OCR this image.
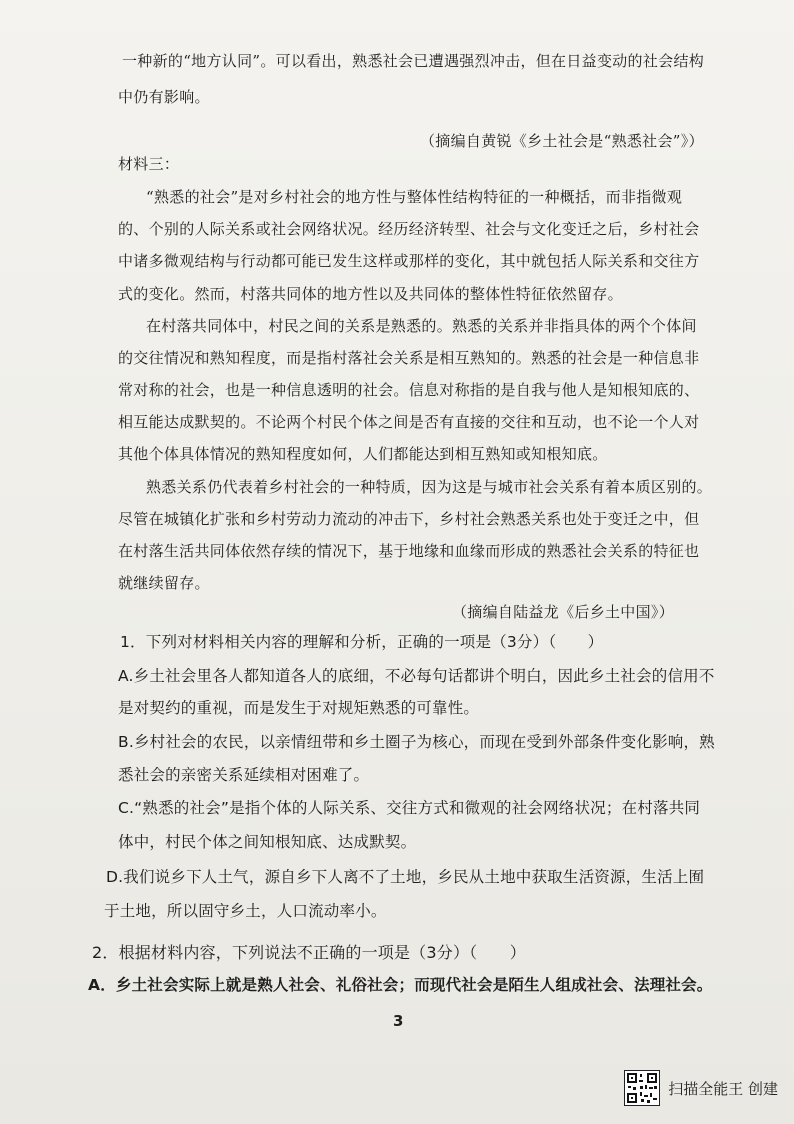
一种新的“地方认同”。可以看出，熟悉社会已遭遇强烈冲击，但在日益变动的社会结构
中仍有影响。
（摘编自黄锐《乡土社会是“熟悉社会”》）
材料三：
“熟悉的社会”是对乡村社会的地方性与整体性结构特征的一种概括，而非指微观
的、个别的人际关系或社会网络状况。经历经济转型、社会与文化变迁之后，乡村社会
中诸多微观结构与行动都可能已发生这样或那样的变化，其中就包括人际关系和交往方
式的变化。然而，村落共同体的地方性以及共同体的整体性特征依然留存。
在村落共同体中，村民之间的关系是熟悉的。熟悉的关系并非指具体的两个个体间
的交往情况和熟知程度，而是指村落社会关系是相互熟知的。熟悉的社会是一种信息非
常对称的社会，也是一种信息透明的社会。信息对称指的是自我与他人是知根知底的、
相互能达成默契的。不论两个村民个体之间是否有直接的交往和互动，也不论一个人对
其他个体具体情况的熟知程度如何，人们都能达到相互熟知或知根知底。
熟悉关系仍代表着乡村社会的一种特质，因为这是与城市社会关系有着本质区别的。
尽管在城镇化扩张和乡村劳动力流动的冲击下，乡村社会熟悉关系也处于变迁之中，但
在村落生活共同体依然存续的情况下，基于地缘和血缘而形成的熟悉社会关系的特征也
就继续留存。
（摘编自陆益龙《后乡土中国》）
1．下列对材料相关内容的理解和分析，正确的一项是（3分）（　　）
A.乡土社会里各人都知道各人的底细，不必每句话都讲个明白，因此乡土社会的信用不
是对契约的重视，而是发生于对规矩熟悉的可靠性。
B.乡村社会的农民，以亲情纽带和乡土圈子为核心，而现在受到外部条件变化影响，熟
悉社会的亲密关系延续相对困难了。
C.“熟悉的社会”是指个体的人际关系、交往方式和微观的社会网络状况；在村落共同
体中，村民个体之间知根知底、达成默契。
D.我们说乡下人土气，源自乡下人离不了土地，乡民从土地中获取生活资源，生活上囿
于土地，所以固守乡土，人口流动率小。
2．根据材料内容，下列说法不正确的一项是（3分）（　　）
A．乡土社会实际上就是熟人社会、礼俗社会；而现代社会是陌生人组成社会、法理社会。
3
扫描全能王 创建
